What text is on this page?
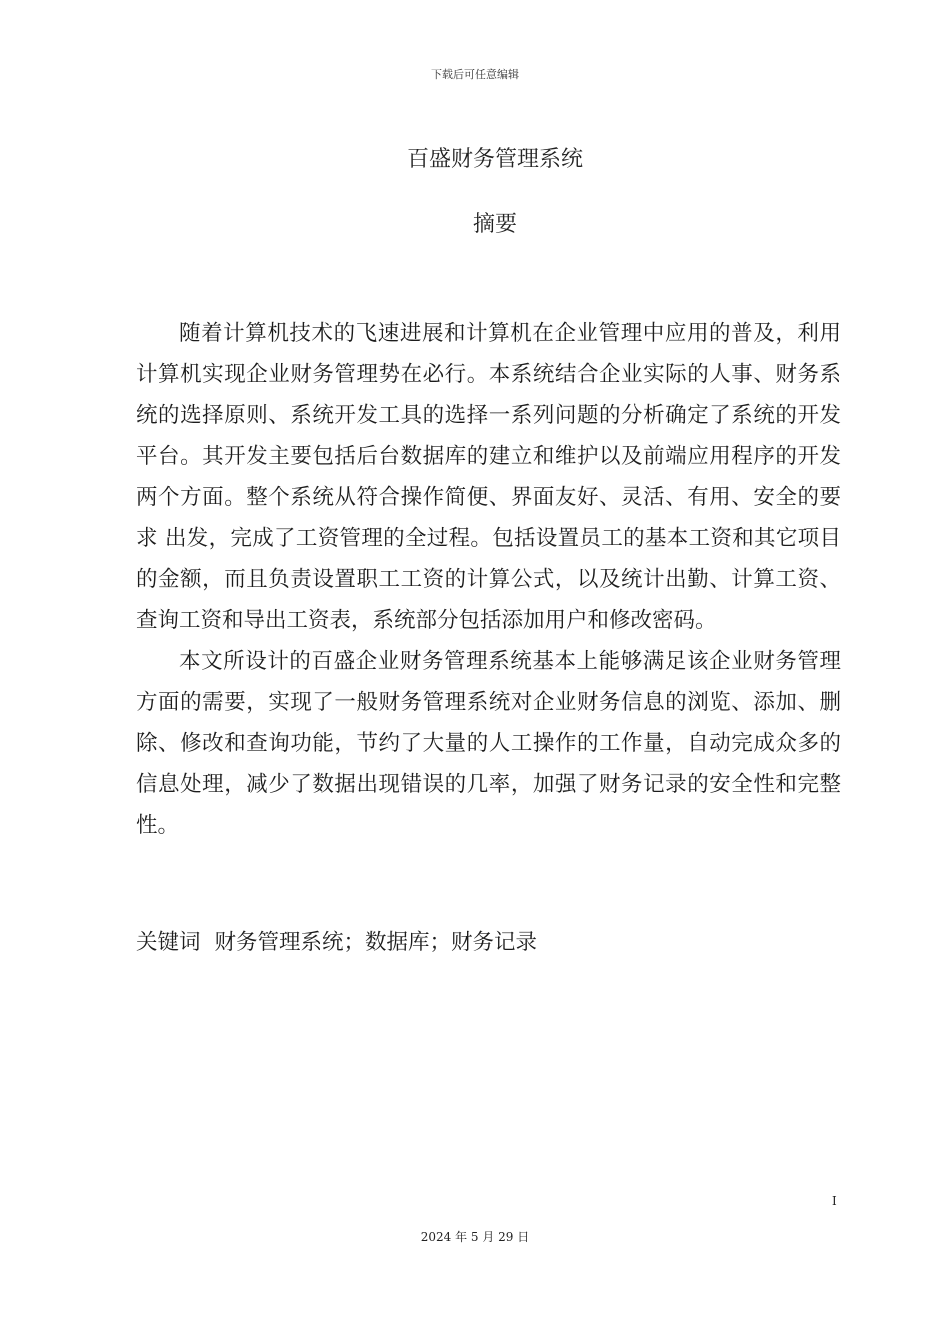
下载后可任意编辑
百盛财务管理系统
摘要

随着计算机技术的飞速进展和计算机在企业管理中应用的普及，利用计算机实现企业财务管理势在必行。本系统结合企业实际的人事、财务系统的选择原则、系统开发工具的选择一系列问题的分析确定了系统的开发平台。其开发主要包括后台数据库的建立和维护以及前端应用程序的开发两个方面。整个系统从符合操作简便、界面友好、灵活、有用、安全的要求 出发，完成了工资管理的全过程。包括设置员工的基本工资和其它项目的金额，而且负责设置职工工资的计算公式，以及统计出勤、计算工资、查询工资和导出工资表，系统部分包括添加用户和修改密码。

本文所设计的百盛企业财务管理系统基本上能够满足该企业财务管理方面的需要，实现了一般财务管理系统对企业财务信息的浏览、添加、删除、修改和查询功能，节约了大量的人工操作的工作量，自动完成众多的信息处理，减少了数据出现错误的几率，加强了财务记录的安全性和完整性。

关键词 财务管理系统；数据库；财务记录
I
2024 年 5 月 29 日
